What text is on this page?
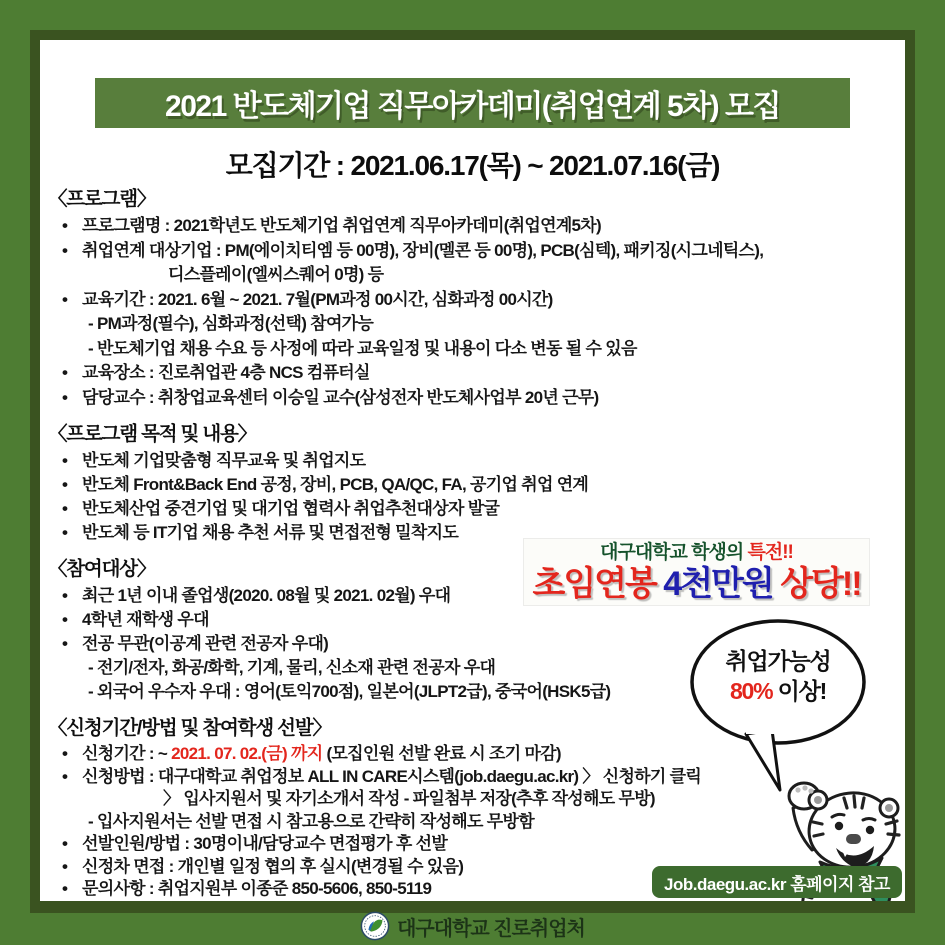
2021 반도체기업 직무아카데미(취업연계 5차) 모집
모집기간 : 2021.06.17(목) ~ 2021.07.16(금)
〈프로그램〉
• 프로그램명 : 2021학년도 반도체기업 취업연계 직무아카데미(취업연계5차)
• 취업연계 대상기업 : PM(에이치티엠 등 00명), 장비(멜콘 등 00명), PCB(심텍), 패키징(시그네틱스),
디스플레이(엘씨스퀘어 0명) 등
• 교육기간 : 2021. 6월 ~ 2021. 7월(PM과정 00시간, 심화과정 00시간)
- PM과정(필수), 심화과정(선택) 참여가능
- 반도체기업 채용 수요 등 사정에 따라 교육일정 및 내용이 다소 변동 될 수 있음
• 교육장소 : 진로취업관 4층 NCS 컴퓨터실
• 담당교수 : 취창업교육센터 이승일 교수(삼성전자 반도체사업부 20년 근무)
〈프로그램 목적 및 내용〉
• 반도체 기업맞춤형 직무교육 및 취업지도
• 반도체 Front&Back End 공정, 장비, PCB, QA/QC, FA, 공기업 취업 연계
• 반도체산업 중견기업 및 대기업 협력사 취업추천대상자 발굴
• 반도체 등 IT기업 채용 추천 서류 및 면접전형 밀착지도
〈참여대상〉
• 최근 1년 이내 졸업생(2020. 08월 및 2021. 02월) 우대
• 4학년 재학생 우대
• 전공 무관(이공계 관련 전공자 우대)
- 전기/전자, 화공/화학, 기계, 물리, 신소재 관련 전공자 우대
- 외국어 우수자 우대 : 영어(토익700점), 일본어(JLPT2급), 중국어(HSK5급)
〈신청기간/방법 및 참여학생 선발〉
• 신청기간 : ~ 2021. 07. 02.(금) 까지 (모집인원 선발 완료 시 조기 마감)
• 신청방법 : 대구대학교 취업정보 ALL IN CARE시스템(job.daegu.ac.kr) 〉 신청하기 클릭
〉 입사지원서 및 자기소개서 작성 - 파일첨부 저장(추후 작성해도 무방)
- 입사지원서는 선발 면접 시 참고용으로 간략히 작성해도 무방함
• 선발인원/방법 : 30명이내/담당교수 면접평가 후 선발
• 신정차 면접 : 개인별 일정 협의 후 실시(변경될 수 있음)
• 문의사항 : 취업지원부 이종준 850-5606, 850-5119
대구대학교 학생의 특전!!
초임연봉 4천만원 상당!!
취업가능성
80% 이상!
Job.daegu.ac.kr 홈페이지 참고
대구대학교 진로취업처
